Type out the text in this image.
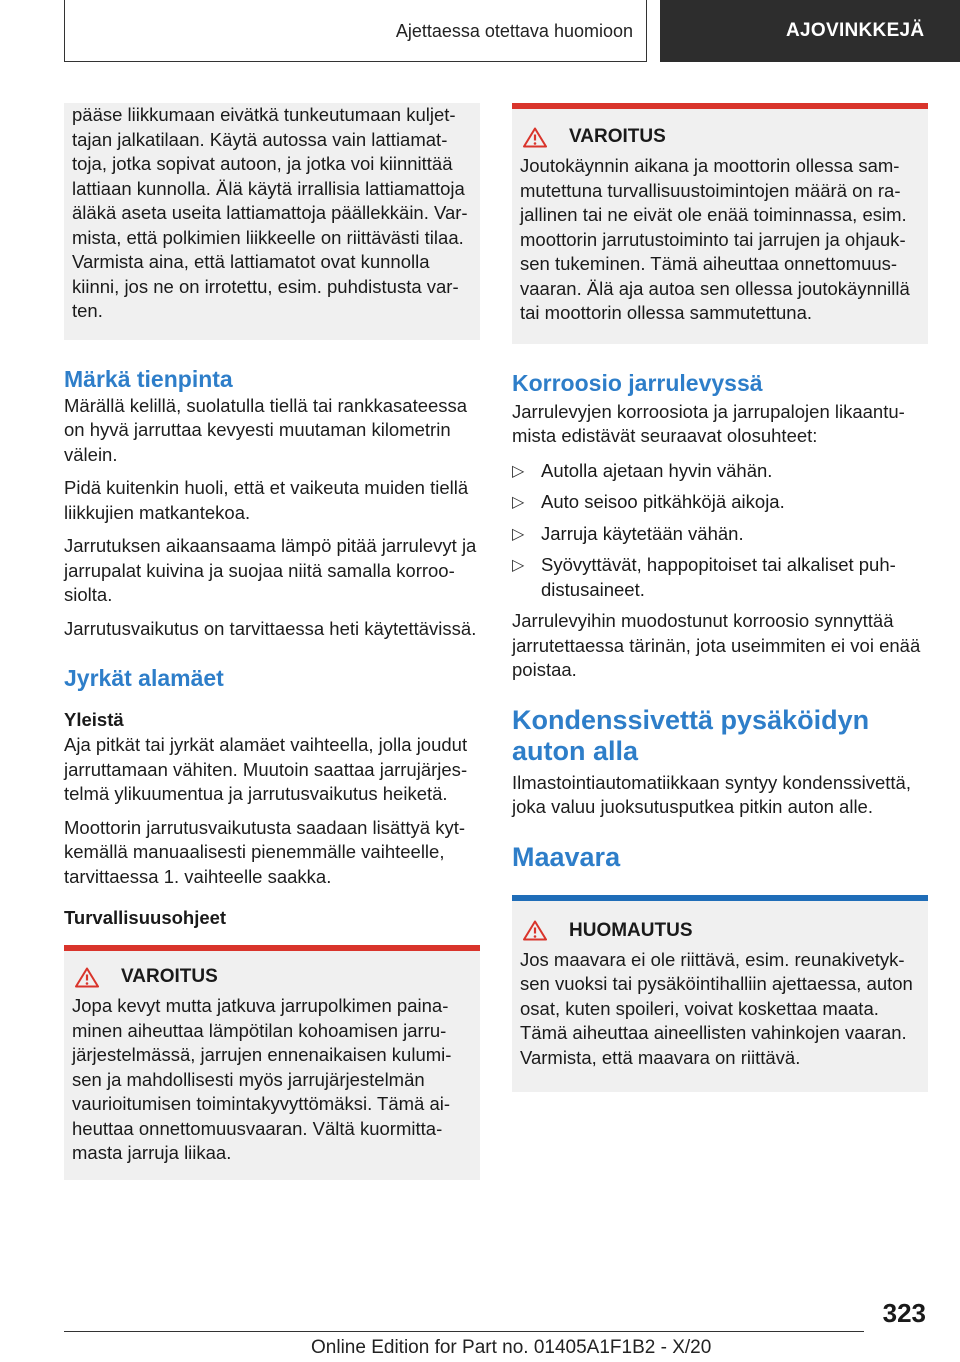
Ajettaessa otettava huomioon	AJOVINKKEJÄ

pääse liikkumaan eivätkä tunkeutumaan kuljettajan jalkatilaan. Käytä autossa vain lattiamattoja, jotka sopivat autoon, ja jotka voi kiinnittää lattiaan kunnolla. Älä käytä irrallisia lattiamattoja äläkä aseta useita lattiamattoja päällekkäin. Varmista, että polkimien liikkeelle on riittävästi tilaa. Varmista aina, että lattiamatot ovat kunnolla kiinni, jos ne on irrotettu, esim. puhdistusta varten.

Märkä tienpinta

Märällä kelillä, suolatulla tiellä tai rankkasateessa on hyvä jarruttaa kevyesti muutaman kilometrin välein.

Pidä kuitenkin huoli, että et vaikeuta muiden tiellä liikkujien matkantekoa.

Jarrutuksen aikaansaama lämpö pitää jarrulevyt ja jarrupalat kuivina ja suojaa niitä samalla korroosiolta.

Jarrutusvaikutus on tarvittaessa heti käytettävissä.

Jyrkät alamäet
Yleistä

Aja pitkät tai jyrkät alamäet vaihteella, jolla joudut jarruttamaan vähiten. Muutoin saattaa jarrujärjestelmä ylikuumentua ja jarrutusvaikutus heiketä.

Moottorin jarrutusvaikutusta saadaan lisättyä kytkemällä manuaalisesti pienemmälle vaihteelle, tarvittaessa 1. vaihteelle saakka.

Turvallisuusohjeet
VAROITUS

Jopa kevyt mutta jatkuva jarrupolkimen painaminen aiheuttaa lämpötilan kohoamisen jarrujärjestelmässä, jarrujen ennenaikaisen kulumisen ja mahdollisesti myös jarrujärjestelmän vaurioitumisen toimintakyvyttömäksi. Tämä aiheuttaa onnettomuusvaaran. Vältä kuormittamasta jarruja liikaa.

VAROITUS

Joutokäynnin aikana ja moottorin ollessa sammutettuna turvallisuustoimintojen määrä on rajallinen tai ne eivät ole enää toiminnassa, esim. moottorin jarrutustoiminto tai jarrujen ja ohjauksen tukeminen. Tämä aiheuttaa onnettomuusvaaran. Älä aja autoa sen ollessa joutokäynnillä tai moottorin ollessa sammutettuna.

Korroosio jarrulevyssä

Jarrulevyjen korroosiota ja jarrupalojen likaantumista edistävät seuraavat olosuhteet:

▷ Autolla ajetaan hyvin vähän.
▷ Auto seisoo pitkähköjä aikoja.
▷ Jarruja käytetään vähän.
▷ Syövyttävät, happopitoiset tai alkaliset puhdistusaineet.

Jarrulevyihin muodostunut korroosio synnyttää jarrutettaessa tärinän, jota useimmiten ei voi enää poistaa.

Kondenssivettä pysäköidyn auton alla

Ilmastointiautomatiikkaan syntyy kondenssivettä, joka valuu juoksutusputkea pitkin auton alle.

Maavara
HUOMAUTUS

Jos maavara ei ole riittävä, esim. reunakivetyksen vuoksi tai pysäköintihalliin ajettaessa, auton osat, kuten spoileri, voivat koskettaa maata. Tämä aiheuttaa aineellisten vahinkojen vaaran. Varmista, että maavara on riittävä.

323
Online Edition for Part no. 01405A1F1B2 - X/20
